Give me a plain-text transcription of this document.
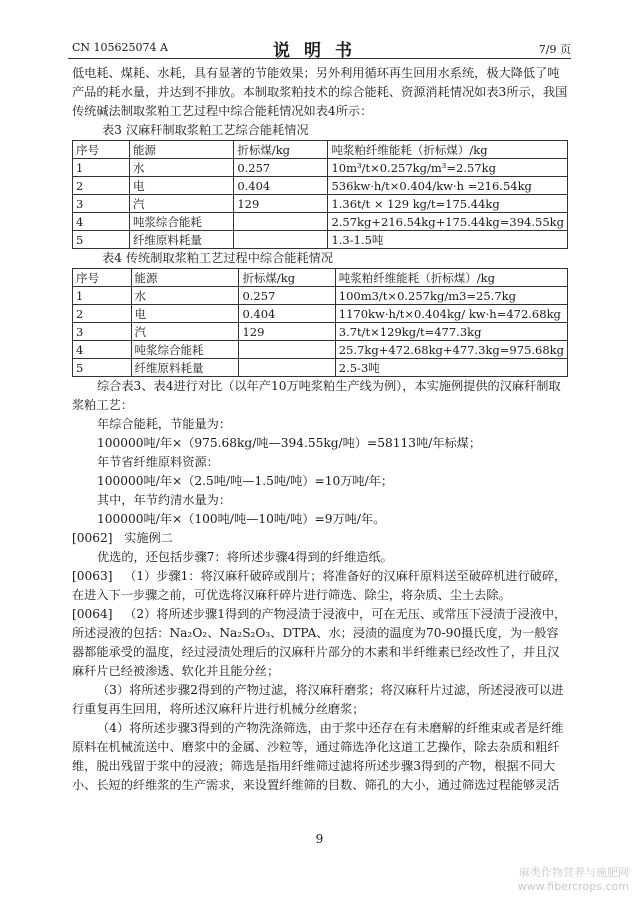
CN 105625074 A	说明书	7/9 页

低电耗、煤耗、水耗，具有显著的节能效果；另外利用循环再生回用水系统，极大降低了吨产品的耗水量，并达到不排放。本制取浆粕技术的综合能耗、资源消耗情况如表3所示，我国传统碱法制取浆粕工艺过程中综合能耗情况如表4所示：

表3 汉麻秆制取浆粕工艺综合能耗情况

序号	能源	折标煤/kg	吨浆粕纤维能耗（折标煤）/kg
1	水	0.257	10m³/t×0.257kg/m³=2.57kg
2	电	0.404	536kw·h/t×0.404/kw·h =216.54kg
3	汽	129	1.36t/t × 129 kg/t=175.44kg
4	吨浆综合能耗		2.57kg+216.54kg+175.44kg=394.55kg
5	纤维原料耗量		1.3-1.5吨

表4 传统制取浆粕工艺过程中综合能耗情况

序号	能源	折标煤/kg	吨浆粕纤维能耗（折标煤）/kg
1	水	0.257	100m3/t×0.257kg/m3=25.7kg
2	电	0.404	1170kw·h/t×0.404kg/ kw·h=472.68kg
3	汽	129	3.7t/t×129kg/t=477.3kg
4	吨浆综合能耗		25.7kg+472.68kg+477.3kg=975.68kg
5	纤维原料耗量		2.5-3吨

综合表3、表4进行对比（以年产10万吨浆粕生产线为例），本实施例提供的汉麻秆制取浆粕工艺：

年综合能耗，节能量为：

100000吨/年×（975.68kg/吨—394.55kg/吨）=58113吨/年标煤；

年节省纤维原料资源：

100000吨/年×（2.5吨/吨—1.5吨/吨）=10万吨/年；

其中，年节约清水量为：

100000吨/年×（100吨/吨—10吨/吨）=9万吨/年。

[0062] 实施例二

优选的，还包括步骤7：将所述步骤4得到的纤维造纸。

[0063] （1）步骤1：将汉麻秆破碎或削片；将准备好的汉麻秆原料送至破碎机进行破碎，在进入下一步骤之前，可优选将汉麻秆碎片进行筛选、除尘，将杂质、尘土去除。

[0064] （2）将所述步骤1得到的产物浸渍于浸液中，可在无压、或常压下浸渍于浸液中，所述浸液的包括：Na₂O₂、Na₂S₂O₃、DTPA、水；浸渍的温度为70-90摄氏度，为一般容器都能承受的温度，经过浸渍处理后的汉麻秆片部分的木素和半纤维素已经改性了，并且汉麻秆片已经被渗透、软化并且能分丝；

（3）将所述步骤2得到的产物过滤，将汉麻秆磨浆；将汉麻秆片过滤，所述浸液可以进行重复再生回用，将所述汉麻秆片进行机械分丝磨浆；

（4）将所述步骤3得到的产物洗涤筛选，由于浆中还存在有未磨解的纤维束或者是纤维原料在机械流送中、磨浆中的金属、沙粒等，通过筛选净化这道工艺操作，除去杂质和粗纤维，脱出残留于浆中的浸液；筛选是指用纤维筛过滤将所述步骤3得到的产物，根据不同大小、长短的纤维浆的生产需求，来设置纤维筛的目数、筛孔的大小，通过筛选过程能够灵活

9
麻类作物营养与施肥网
www.fibercrops.com
